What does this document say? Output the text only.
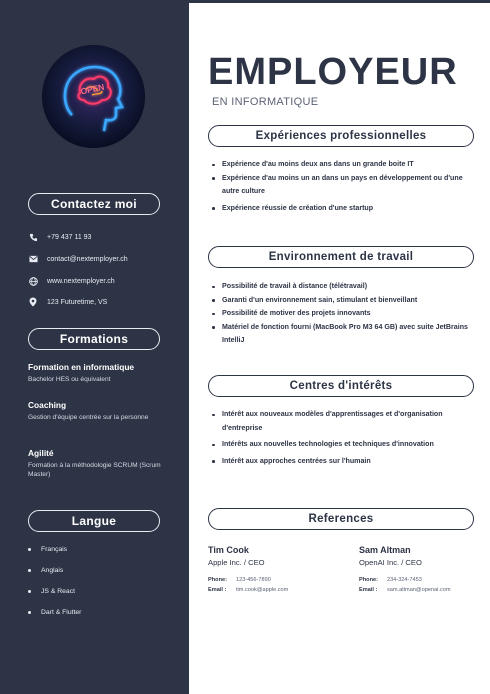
OPEN
Contactez moi
+79 437 11 93
contact@nextemployer.ch
www.nextemployer.ch
123 Futuretime, VS
Formations
Formation en informatique
Bachelor HES ou équivalent
Coaching
Gestion d'équipe centrée sur la personne
Agilité
Formation à la méthodologie SCRUM (Scrum Master)
Langue
Français
Anglais
JS & React
Dart & Flutter
EMPLOYEUR
EN INFORMATIQUE
Expériences professionnelles
Expérience d'au moins deux ans dans un grande boite IT
Expérience d'au moins un an dans un pays en développement ou d'une autre culture
Expérience réussie de création d'une startup
Environnement de travail
Possibilité de travail à distance (télétravail)
Garanti d'un environnement sain, stimulant et bienveillant
Possibilité de motiver des projets innovants
Matériel de fonction fourni (MacBook Pro M3 64 GB) avec suite JetBrains IntelliJ
Centres d'intérêts
Intérêt aux nouveaux modèles d'apprentissages et d'organisation d'entreprise
Intérêts aux nouvelles technologies et techniques d'innovation
Intérêt aux approches centrées sur l'humain
References
Tim Cook
Apple Inc. / CEO
Phone:	123-456-7890
Email :	tim.cook@apple.com
Sam Altman
OpenAI Inc. / CEO
Phone:	234-324-7453
Email :	sam.altman@openai.com
